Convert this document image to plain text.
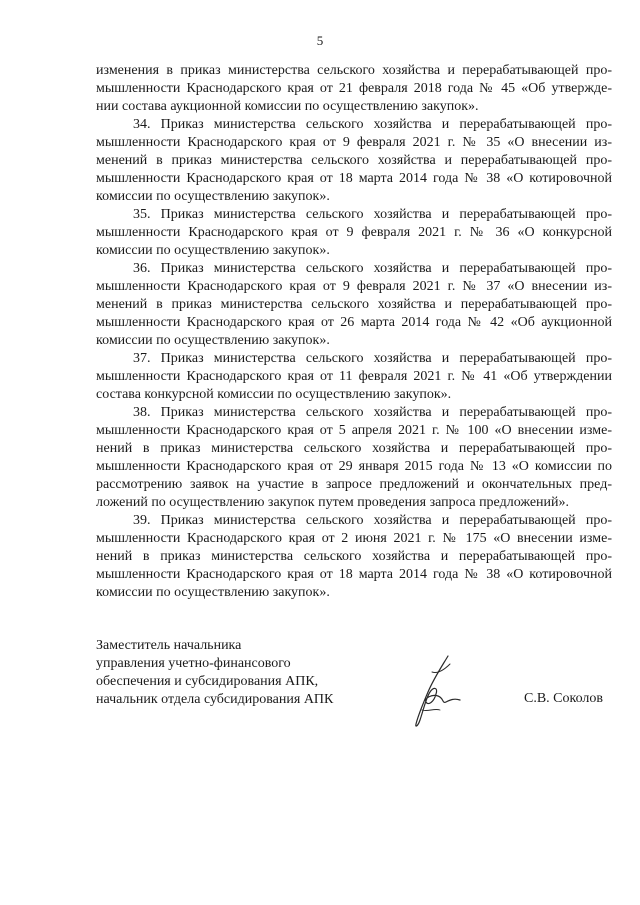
5
изменения в приказ министерства сельского хозяйства и перерабатывающей про-
мышленности Краснодарского края от 21 февраля 2018 года № 45 «Об утвержде-
нии состава аукционной комиссии по осуществлению закупок».
34. Приказ министерства сельского хозяйства и перерабатывающей про-
мышленности Краснодарского края от 9 февраля 2021 г. № 35 «О внесении из-
менений в приказ министерства сельского хозяйства и перерабатывающей про-
мышленности Краснодарского края от 18 марта 2014 года № 38 «О котировочной
комиссии по осуществлению закупок».
35. Приказ министерства сельского хозяйства и перерабатывающей про-
мышленности Краснодарского края от 9 февраля 2021 г. № 36 «О конкурсной
комиссии по осуществлению закупок».
36. Приказ министерства сельского хозяйства и перерабатывающей про-
мышленности Краснодарского края от 9 февраля 2021 г. № 37 «О внесении из-
менений в приказ министерства сельского хозяйства и перерабатывающей про-
мышленности Краснодарского края от 26 марта 2014 года № 42 «Об аукционной
комиссии по осуществлению закупок».
37. Приказ министерства сельского хозяйства и перерабатывающей про-
мышленности Краснодарского края от 11 февраля 2021 г. № 41 «Об утверждении
состава конкурсной комиссии по осуществлению закупок».
38. Приказ министерства сельского хозяйства и перерабатывающей про-
мышленности Краснодарского края от 5 апреля 2021 г. № 100 «О внесении изме-
нений в приказ министерства сельского хозяйства и перерабатывающей про-
мышленности Краснодарского края от 29 января 2015 года № 13 «О комиссии по
рассмотрению заявок на участие в запросе предложений и окончательных пред-
ложений по осуществлению закупок путем проведения запроса предложений».
39. Приказ министерства сельского хозяйства и перерабатывающей про-
мышленности Краснодарского края от 2 июня 2021 г. № 175 «О внесении изме-
нений в приказ министерства сельского хозяйства и перерабатывающей про-
мышленности Краснодарского края от 18 марта 2014 года № 38 «О котировочной
комиссии по осуществлению закупок».
Заместитель начальника
управления учетно-финансового
обеспечения и субсидирования АПК,
начальник отдела субсидирования АПК	С.В. Соколов
